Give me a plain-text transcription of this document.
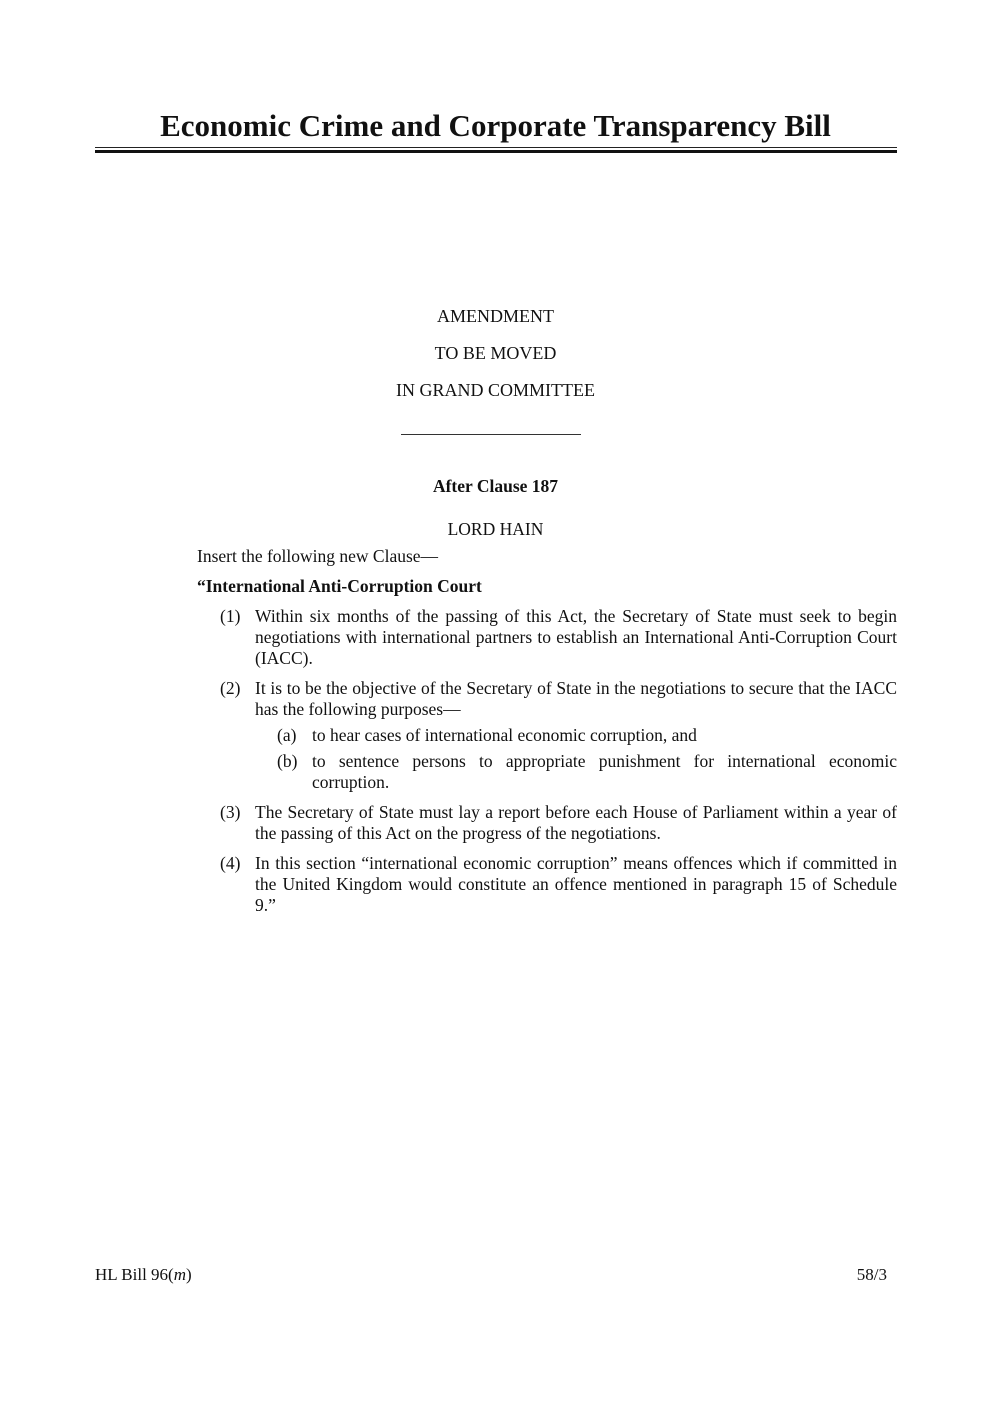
Economic Crime and Corporate Transparency Bill
AMENDMENT
TO BE MOVED
IN GRAND COMMITTEE
After Clause 187
LORD HAIN

Insert the following new Clause—

“International Anti-Corruption Court

(1) Within six months of the passing of this Act, the Secretary of State must seek to begin negotiations with international partners to establish an International Anti-Corruption Court (IACC).
(2) It is to be the objective of the Secretary of State in the negotiations to secure that the IACC has the following purposes—
(a) to hear cases of international economic corruption, and
(b) to sentence persons to appropriate punishment for international economic corruption.
(3) The Secretary of State must lay a report before each House of Parliament within a year of the passing of this Act on the progress of the negotiations.
(4) In this section “international economic corruption” means offences which if committed in the United Kingdom would constitute an offence mentioned in paragraph 15 of Schedule 9.”
HL Bill 96(m)	58/3
